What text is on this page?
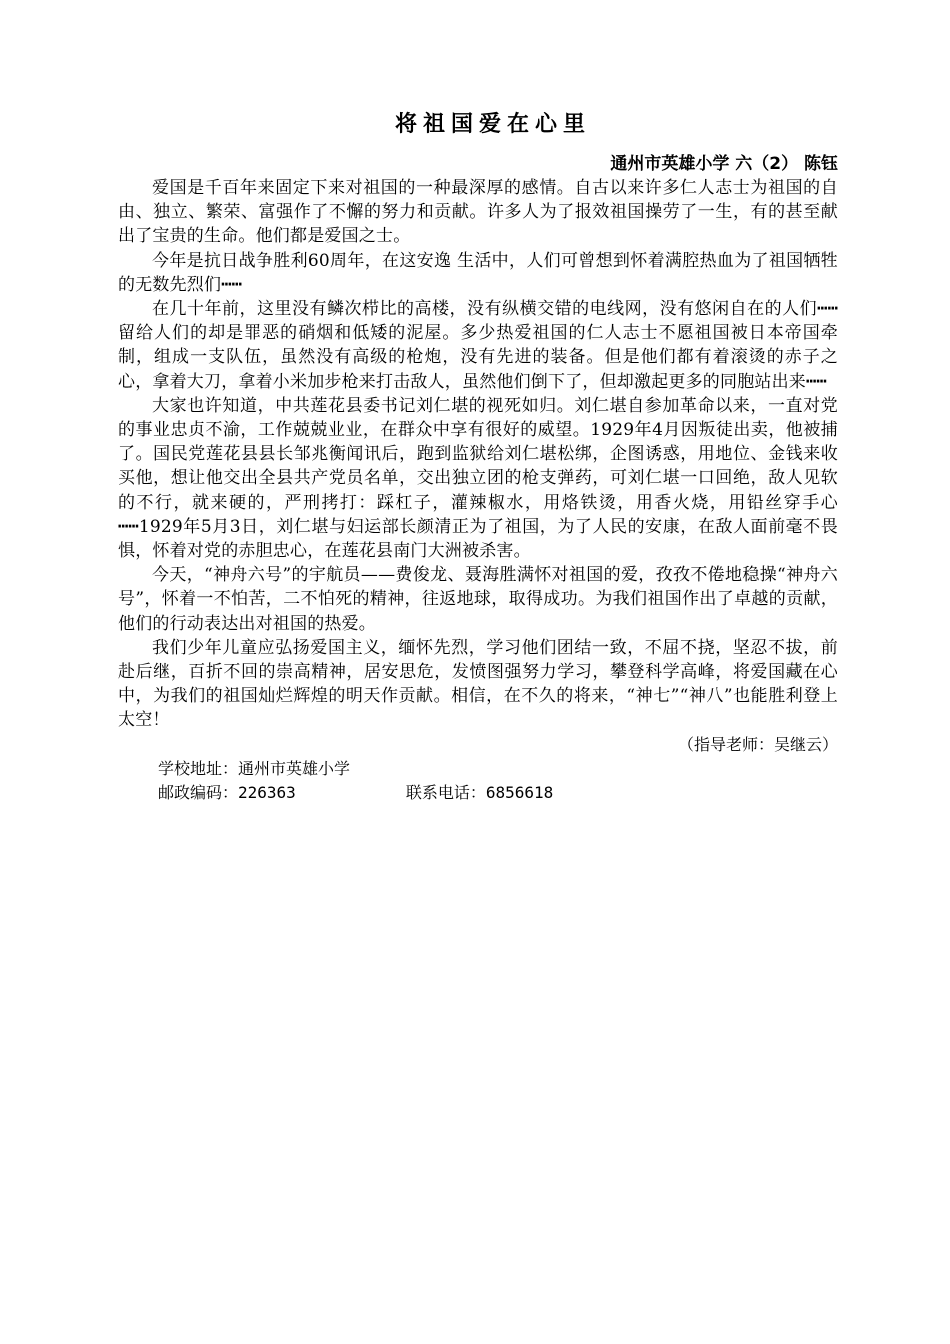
将祖国爱在心里

通州市英雄小学 六（2） 陈钰

爱国是千百年来固定下来对祖国的一种最深厚的感情。自古以来许多仁人志士为祖国的自由、独立、繁荣、富强作了不懈的努力和贡献。许多人为了报效祖国操劳了一生，有的甚至献出了宝贵的生命。他们都是爱国之士。

今年是抗日战争胜利60周年，在这安逸 生活中，人们可曾想到怀着满腔热血为了祖国牺牲的无数先烈们┅┅

在几十年前，这里没有鳞次栉比的高楼，没有纵横交错的电线网，没有悠闲自在的人们┅┅留给人们的却是罪恶的硝烟和低矮的泥屋。多少热爱祖国的仁人志士不愿祖国被日本帝国牵制，组成一支队伍，虽然没有高级的枪炮，没有先进的装备。但是他们都有着滚烫的赤子之心，拿着大刀，拿着小米加步枪来打击敌人，虽然他们倒下了，但却激起更多的同胞站出来┅┅

大家也许知道，中共莲花县委书记刘仁堪的视死如归。刘仁堪自参加革命以来，一直对党的事业忠贞不渝，工作兢兢业业，在群众中享有很好的威望。1929年4月因叛徒出卖，他被捕了。国民党莲花县县长邹兆衡闻讯后，跑到监狱给刘仁堪松绑，企图诱惑，用地位、金钱来收买他，想让他交出全县共产党员名单，交出独立团的枪支弹药，可刘仁堪一口回绝，敌人见软的不行，就来硬的，严刑拷打：踩杠子，灌辣椒水，用烙铁烫，用香火烧，用铅丝穿手心┅┅1929年5月3日，刘仁堪与妇运部长颜清正为了祖国，为了人民的安康，在敌人面前毫不畏惧，怀着对党的赤胆忠心，在莲花县南门大洲被杀害。

今天，“神舟六号”的宇航员——费俊龙、聂海胜满怀对祖国的爱，孜孜不倦地稳操“神舟六号”，怀着一不怕苦，二不怕死的精神，往返地球，取得成功。为我们祖国作出了卓越的贡献，他们的行动表达出对祖国的热爱。

我们少年儿童应弘扬爱国主义，缅怀先烈，学习他们团结一致，不屈不挠，坚忍不拔，前赴后继，百折不回的崇高精神，居安思危，发愤图强努力学习，攀登科学高峰，将爱国藏在心中，为我们的祖国灿烂辉煌的明天作贡献。相信，在不久的将来，“神七”“神八”也能胜利登上太空！

（指导老师：吴继云）

学校地址：通州市英雄小学

邮政编码：226363	联系电话：6856618
